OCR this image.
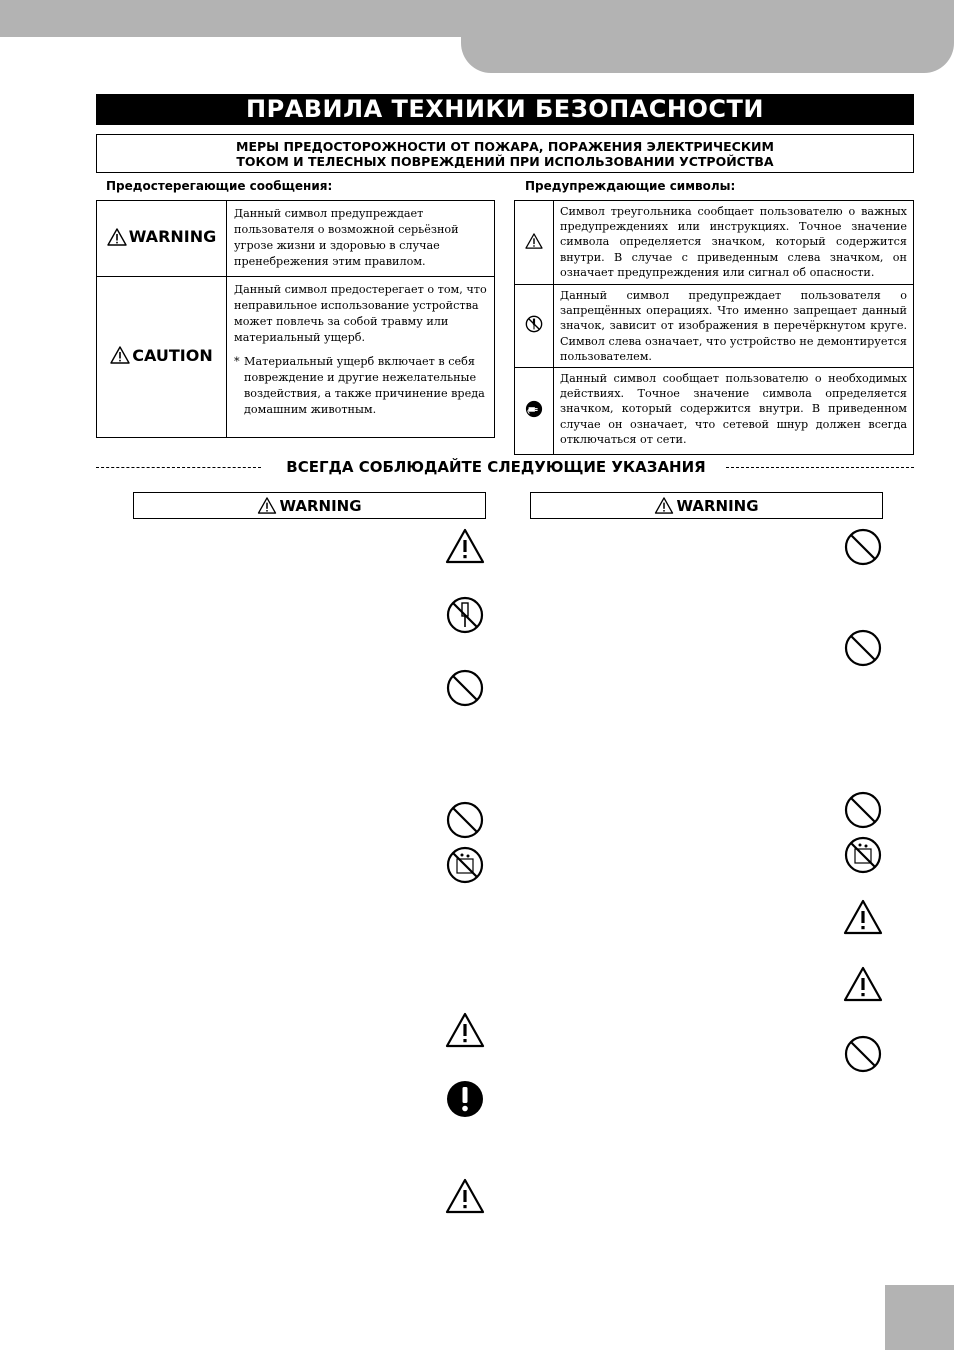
ПРАВИЛА ТЕХНИКИ БЕЗОПАСНОСТИ
МЕРЫ ПРЕДОСТОРОЖНОСТИ ОТ ПОЖАРА, ПОРАЖЕНИЯ ЭЛЕКТРИЧЕСКИМ
ТОКОМ И ТЕЛЕСНЫХ ПОВРЕЖДЕНИЙ ПРИ ИСПОЛЬЗОВАНИИ УСТРОЙСТВА
Предостерегающие сообщения:
WARNING	Данный символ предупреждает пользователя о возможной серьёзной угрозе жизни и здоровью в случае пренебрежения этим правилом.

CAUTION	Данный символ предостерегает о том, что неправильное использование устройства может повлечь за собой травму или материальный ущерб.
* Материальный ущерб включает в себя повреждение и другие нежелательные воздействия, а также причинение вреда домашним животным.
Предупреждающие символы:
	Символ треугольника сообщает пользователю о важных предупреждениях или инструкциях. Точное значение символа определяется значком, который содержится внутри. В случае с приведенным слева значком, он означает предупреждения или сигнал об опасности.
	Данный символ предупреждает пользователя о запрещённых операциях. Что именно запрещает данный значок, зависит от изображения в перечёркнутом круге. Символ слева означает, что устройство не демонтируется пользователем.
	Данный символ сообщает пользователю о необходимых действиях. Точное значение символа определяется значком, который содержится внутри. В приведенном случае он означает, что сетевой шнур должен всегда отключаться от сети.
ВСЕГДА СОБЛЮДАЙТЕ СЛЕДУЮЩИЕ УКАЗАНИЯ
WARNING	WARNING
